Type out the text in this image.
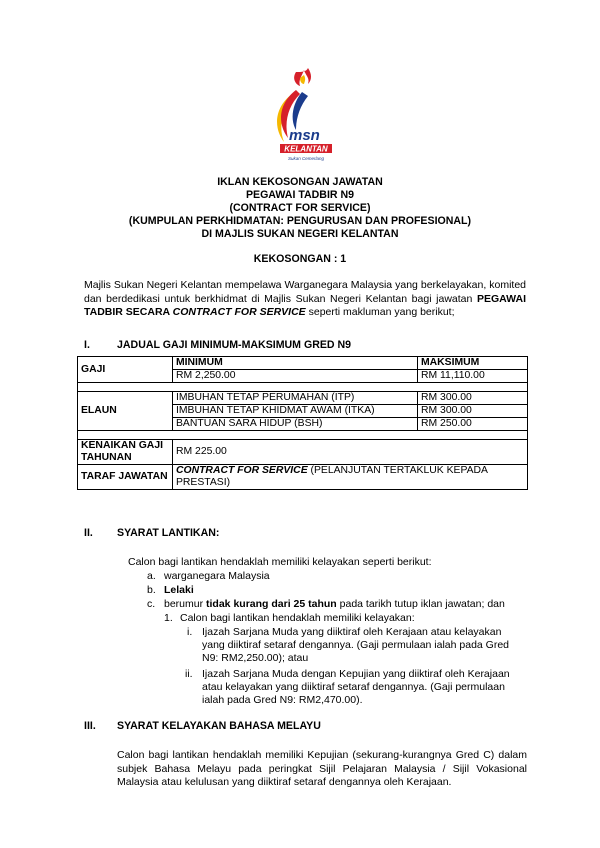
msn
KELANTAN
Sukan Cemerlang
IKLAN KEKOSONGAN JAWATAN
PEGAWAI TADBIR N9
(CONTRACT FOR SERVICE)
(KUMPULAN PERKHIDMATAN: PENGURUSAN DAN PROFESIONAL)
DI MAJLIS SUKAN NEGERI KELANTAN
KEKOSONGAN : 1
Majlis Sukan Negeri Kelantan mempelawa Warganegara Malaysia yang berkelayakan, komited dan berdedikasi untuk berkhidmat di Majlis Sukan Negeri Kelantan bagi jawatan PEGAWAI TADBIR SECARA CONTRACT FOR SERVICE seperti makluman yang berikut;
I.	JADUAL GAJI MINIMUM-MAKSIMUM GRED N9
GAJI	MINIMUM	MAKSIMUM
	RM 2,250.00	RM 11,110.00

ELAUN	IMBUHAN TETAP PERUMAHAN (ITP)	RM 300.00
	IMBUHAN TETAP KHIDMAT AWAM (ITKA)	RM 300.00
	BANTUAN SARA HIDUP (BSH)	RM 250.00

KENAIKAN GAJI TAHUNAN	RM 225.00	
TARAF JAWATAN	CONTRACT FOR SERVICE (PELANJUTAN TERTAKLUK KEPADA PRESTASI)	
II. SYARAT LANTIKAN:
Calon bagi lantikan hendaklah memiliki kelayakan seperti berikut:
a. warganegara Malaysia
b. Lelaki
c. berumur tidak kurang dari 25 tahun pada tarikh tutup iklan jawatan; dan
1. Calon bagi lantikan hendaklah memiliki kelayakan:
i. Ijazah Sarjana Muda yang diiktiraf oleh Kerajaan atau kelayakan yang diiktiraf setaraf dengannya. (Gaji permulaan ialah pada Gred N9: RM2,250.00); atau
ii. Ijazah Sarjana Muda dengan Kepujian yang diiktiraf oleh Kerajaan atau kelayakan yang diiktiraf setaraf dengannya. (Gaji permulaan ialah pada Gred N9: RM2,470.00).
III. SYARAT KELAYAKAN BAHASA MELAYU
Calon bagi lantikan hendaklah memiliki Kepujian (sekurang-kurangnya Gred C) dalam subjek Bahasa Melayu pada peringkat Sijil Pelajaran Malaysia / Sijil Vokasional Malaysia atau kelulusan yang diiktiraf setaraf dengannya oleh Kerajaan.
